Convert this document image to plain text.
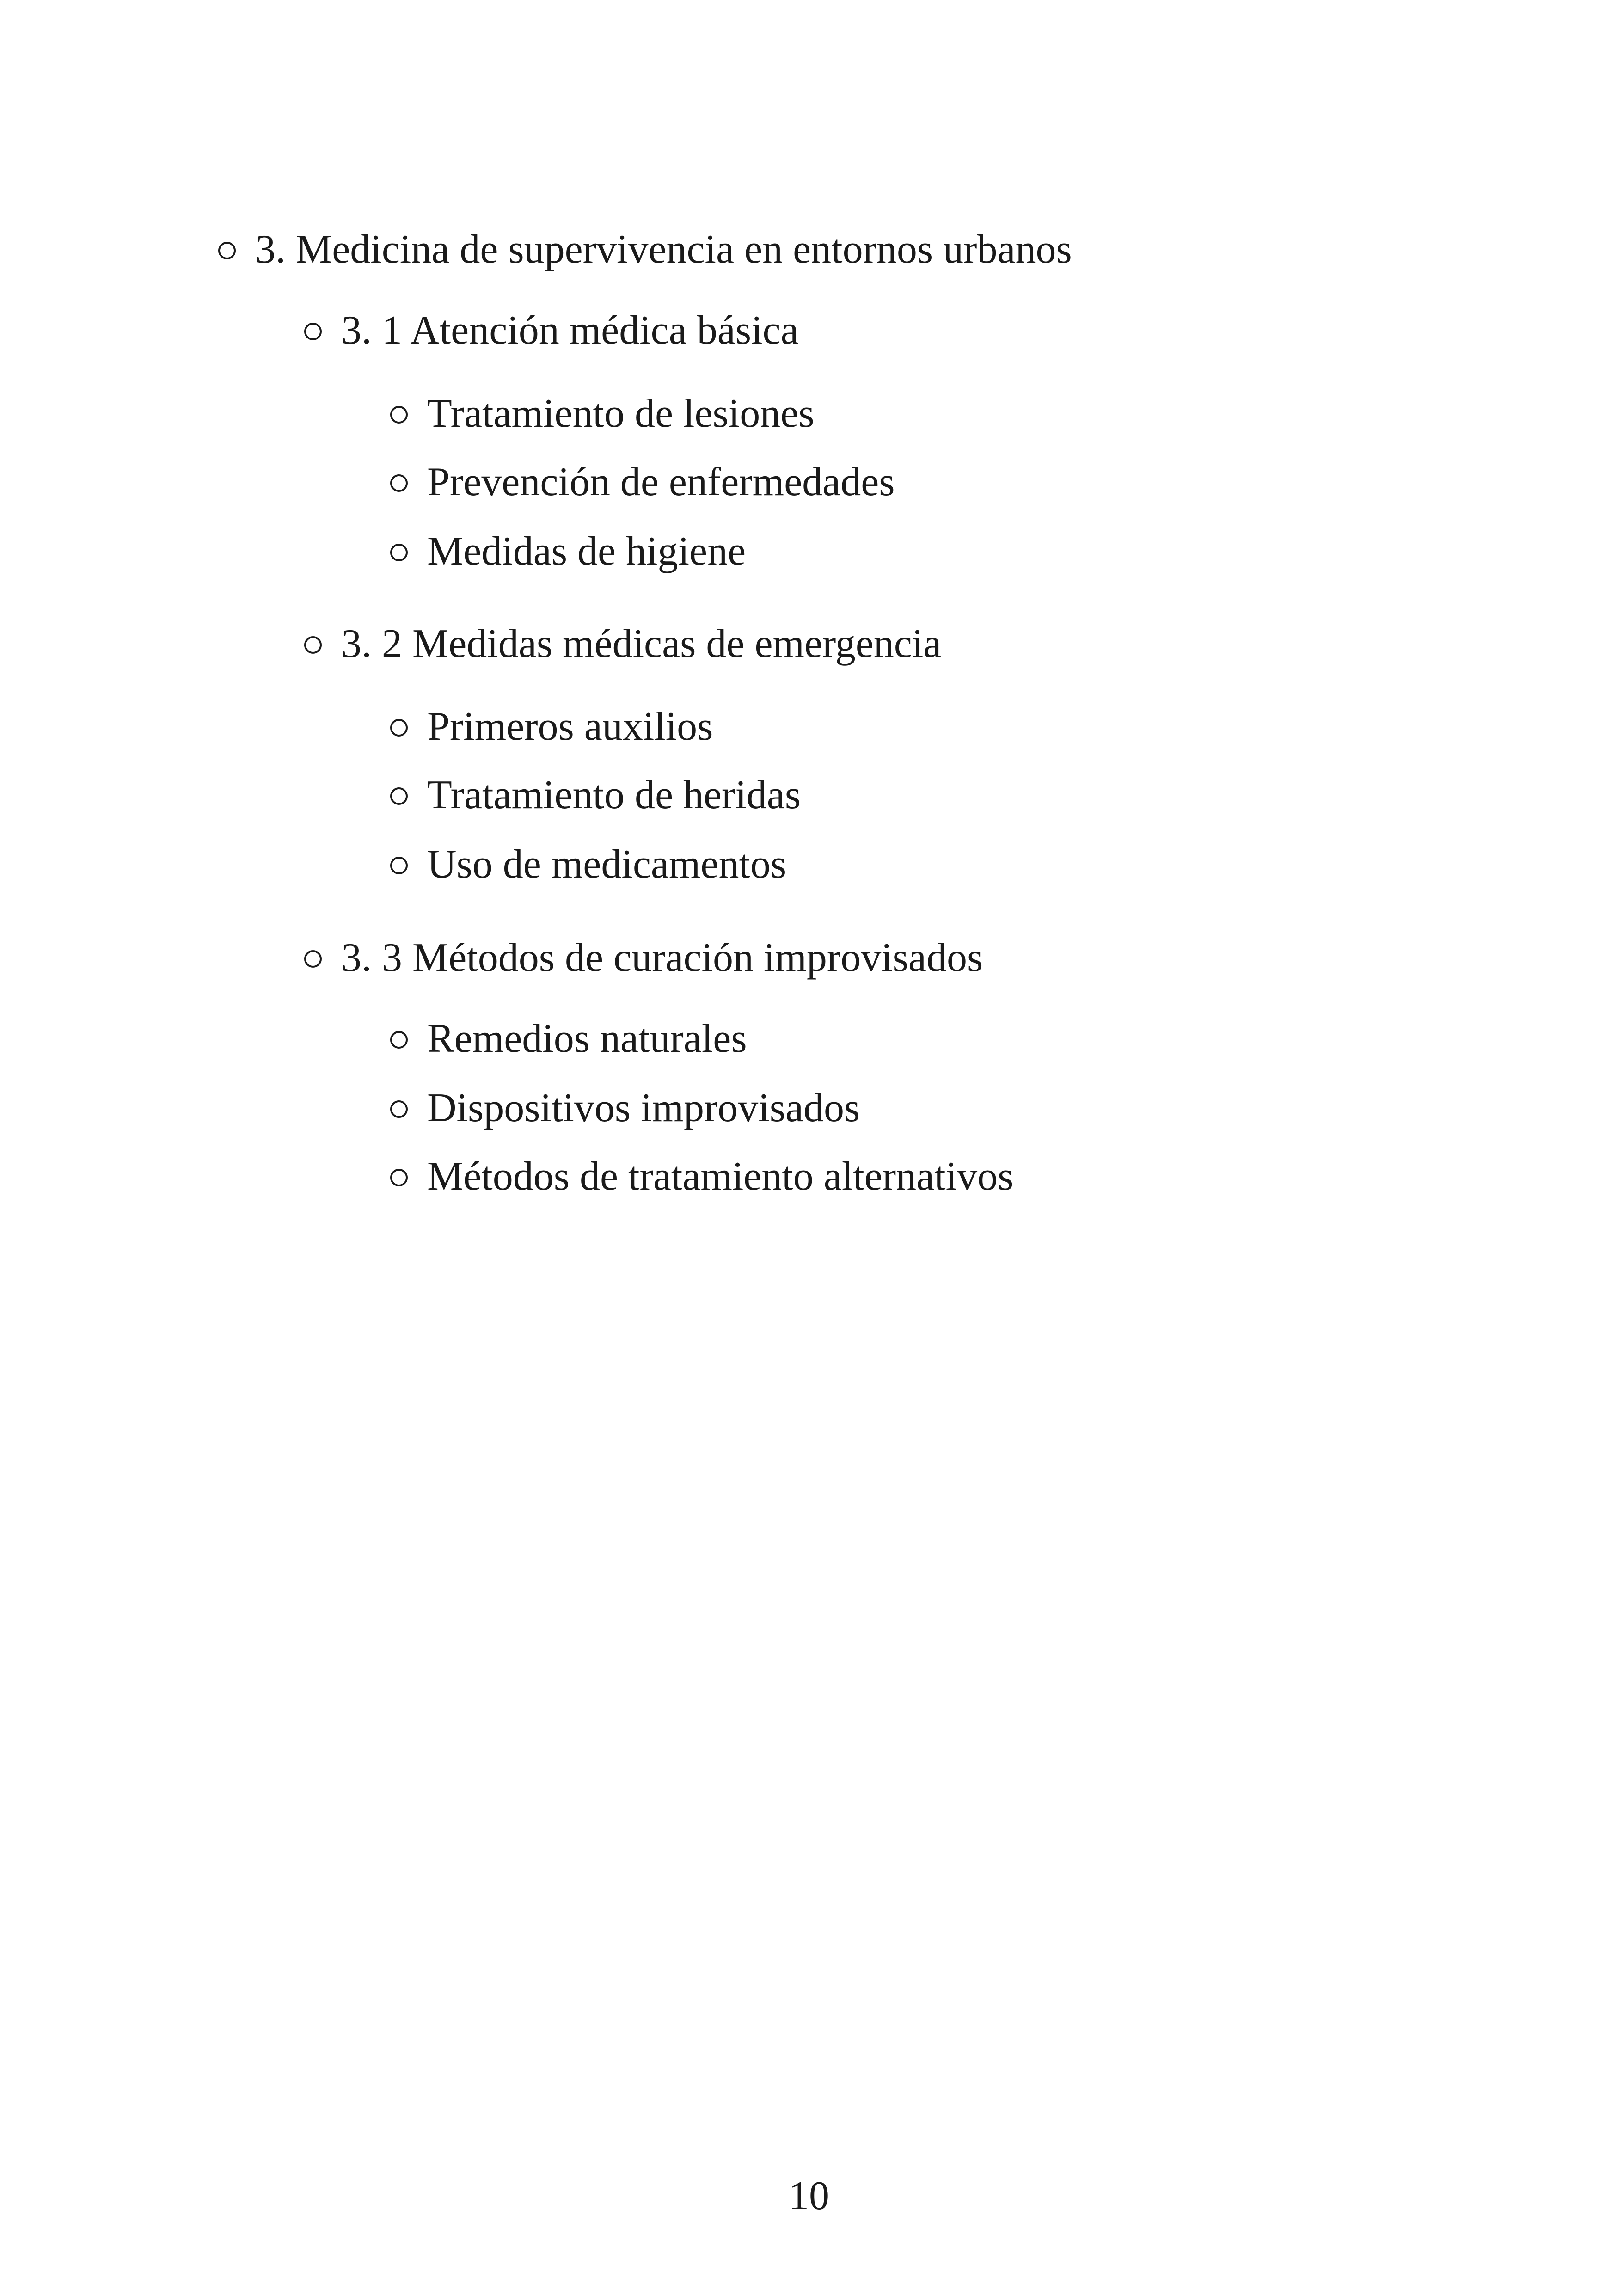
3. Medicina de supervivencia en entornos urbanos
3. 1 Atención médica básica
Tratamiento de lesiones
Prevención de enfermedades
Medidas de higiene
3. 2 Medidas médicas de emergencia
Primeros auxilios
Tratamiento de heridas
Uso de medicamentos
3. 3 Métodos de curación improvisados
Remedios naturales
Dispositivos improvisados
Métodos de tratamiento alternativos
10
